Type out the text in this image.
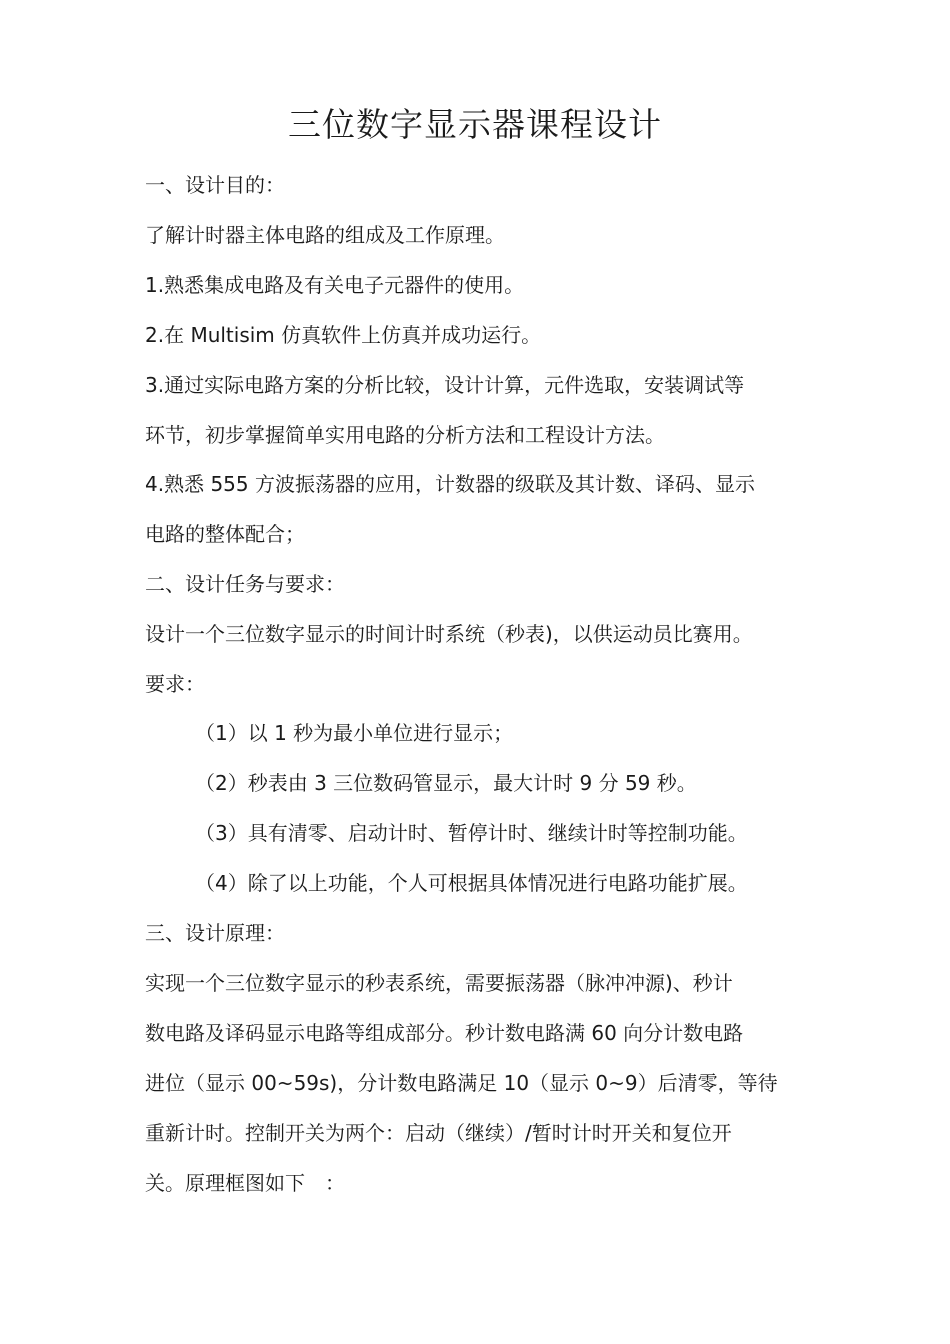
三位数字显示器课程设计
一、设计目的：
了解计时器主体电路的组成及工作原理。
1.熟悉集成电路及有关电子元器件的使用。
2.在 Multisim 仿真软件上仿真并成功运行。
3.通过实际电路方案的分析比较，设计计算，元件选取，安装调试等
环节，初步掌握简单实用电路的分析方法和工程设计方法。
4.熟悉 555 方波振荡器的应用，计数器的级联及其计数、译码、显示
电路的整体配合；
二、设计任务与要求：
设计一个三位数字显示的时间计时系统（秒表)，以供运动员比赛用。
要求：
（1）以 1 秒为最小单位进行显示；
（2）秒表由 3 三位数码管显示，最大计时 9 分 59 秒。
（3）具有清零、启动计时、暂停计时、继续计时等控制功能。
（4）除了以上功能，个人可根据具体情况进行电路功能扩展。
三、设计原理：
实现一个三位数字显示的秒表系统，需要振荡器（脉冲冲源)、秒计
数电路及译码显示电路等组成部分。秒计数电路满 60 向分计数电路
进位（显示 00~59s)，分计数电路满足 10（显示 0~9）后清零，等待
重新计时。控制开关为两个：启动（继续）/暂时计时开关和复位开
关。原理框图如下　：
